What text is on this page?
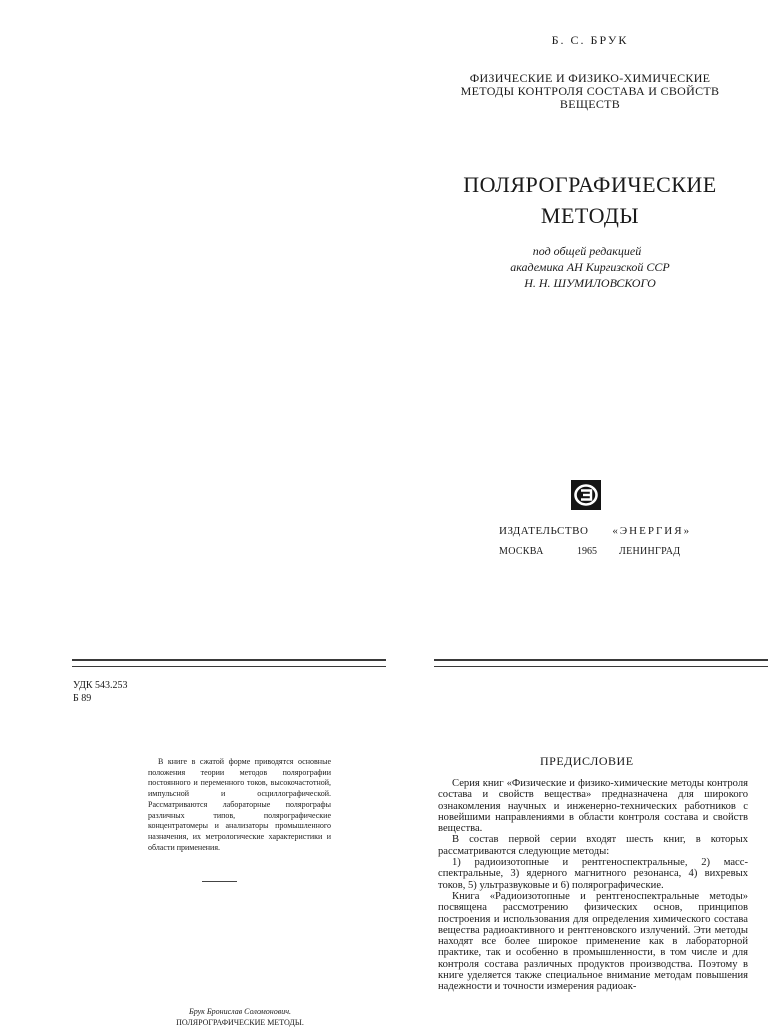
Б. С. БРУК
ФИЗИЧЕСКИЕ И ФИЗИКО-ХИМИЧЕСКИЕ
МЕТОДЫ КОНТРОЛЯ СОСТАВА И СВОЙСТВ
ВЕЩЕСТВ
ПОЛЯРОГРАФИЧЕСКИЕ
МЕТОДЫ
под общей редакцией
академика АН Киргизской ССР
Н. Н. ШУМИЛОВСКОГО
ИЗДАТЕЛЬСТВО «ЭНЕРГИЯ»
МОСКВА	1965 ЛЕНИНГРАД
УДК 543.253
Б 89
В книге в сжатой форме приводятся основные положения теории методов полярографии постоянного и переменного токов, высокочастотной, импульсной и осциллографической. Рассматриваются лабораторные полярографы различных типов, полярографические концентратомеры и анализаторы промышленного назначения, их метрологические характеристики и области применения.
Брук Бронислав Соломонович.
ПОЛЯРОГРАФИЧЕСКИЕ МЕТОДЫ.
ПРЕДИСЛОВИЕ

Серия книг «Физические и физико-химические методы контроля состава и свойств вещества» предназначена для широкого ознакомления научных и инженерно-технических работников с новейшими направлениями в области контроля состава и свойств вещества.

В состав первой серии входят шесть книг, в которых рассматриваются следующие методы:

1) радиоизотопные и рентгеноспектральные, 2) масс-спектральные, 3) ядерного магнитного резонанса, 4) вихревых токов, 5) ультразвуковые и 6) полярографические.

Книга «Радиоизотопные и рентгеноспектральные методы» посвящена рассмотрению физических основ, принципов построения и использования для определения химического состава вещества радиоактивного и рентгеновского излучений. Эти методы находят все более широкое применение как в лабораторной практике, так и особенно в промышленности, в том числе и для контроля состава различных продуктов производства. Поэтому в книге уделяется также специальное внимание методам повышения надежности и точности измерения радиоак-
